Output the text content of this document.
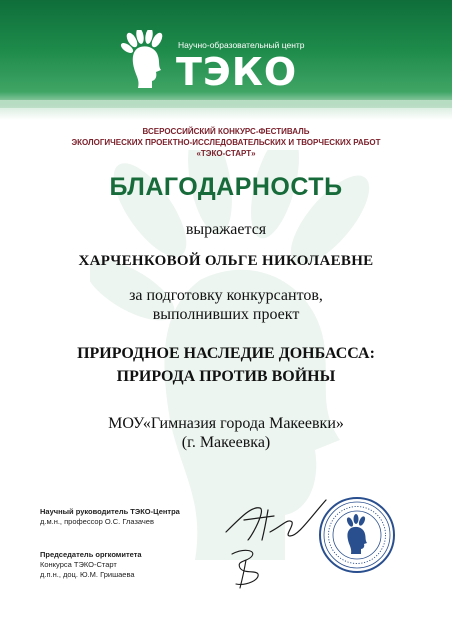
Научно-образовательный центр
ТЭКО
ВСЕРОССИЙСКИЙ КОНКУРС-ФЕСТИВАЛЬ
ЭКОЛОГИЧЕСКИХ ПРОЕКТНО-ИССЛЕДОВАТЕЛЬСКИХ И ТВОРЧЕСКИХ РАБОТ
«ТЭКО-СТАРТ»
БЛАГОДАРНОСТЬ
выражается
ХАРЧЕНКОВОЙ ОЛЬГЕ НИКОЛАЕВНЕ
за подготовку конкурсантов,
выполнивших проект
ПРИРОДНОЕ НАСЛЕДИЕ ДОНБАССА:
ПРИРОДА ПРОТИВ ВОЙНЫ
МОУ«Гимназия города Макеевки»
(г. Макеевка)
Научный руководитель ТЭКО-Центра
д.м.н., профессор О.С. Глазачев
Председатель оргкомитета
Конкурса ТЭКО-Старт
д.п.н., доц. Ю.М. Гришаева
